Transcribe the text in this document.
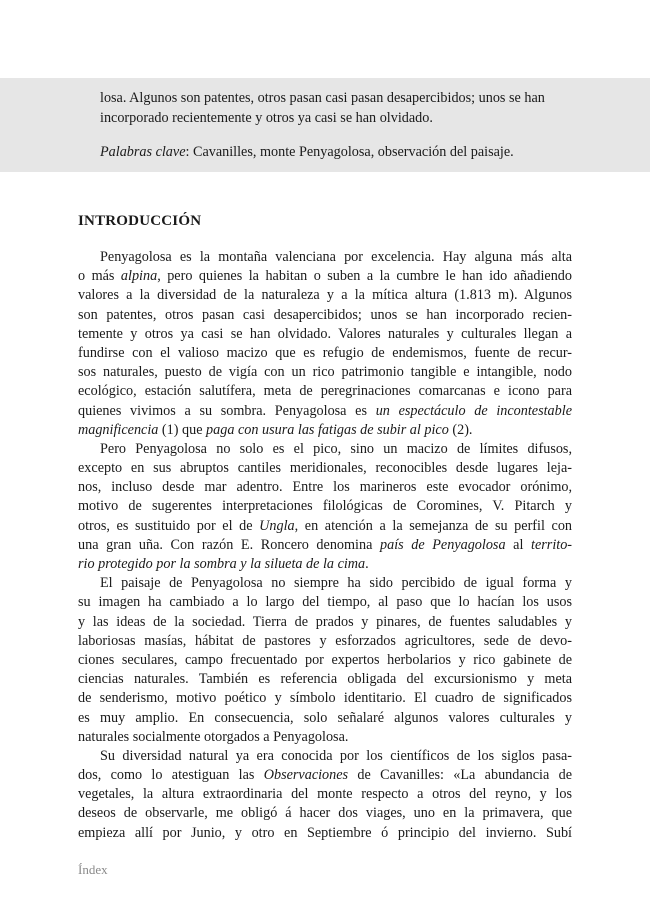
losa. Algunos son patentes, otros pasan casi pasan desapercibidos; unos se han

incorporado recientemente y otros ya casi se han olvidado.

Palabras clave: Cavanilles, monte Penyagolosa, observación del paisaje.

INTRODUCCIÓN

Penyagolosa es la montaña valenciana por excelencia. Hay alguna más alta

o más alpina, pero quienes la habitan o suben a la cumbre le han ido añadiendo

valores a la diversidad de la naturaleza y a la mítica altura (1.813 m). Algunos

son patentes, otros pasan casi desapercibidos; unos se han incorporado recien-

temente y otros ya casi se han olvidado. Valores naturales y culturales llegan a

fundirse con el valioso macizo que es refugio de endemismos, fuente de recur-

sos naturales, puesto de vigía con un rico patrimonio tangible e intangible, nodo

ecológico, estación salutífera, meta de peregrinaciones comarcanas e icono para

quienes vivimos a su sombra. Penyagolosa es un espectáculo de incontestable

magnificencia (1) que paga con usura las fatigas de subir al pico (2).

Pero Penyagolosa no solo es el pico, sino un macizo de límites difusos,

excepto en sus abruptos cantiles meridionales, reconocibles desde lugares leja-

nos, incluso desde mar adentro. Entre los marineros este evocador orónimo,

motivo de sugerentes interpretaciones filológicas de Coromines, V. Pitarch y

otros, es sustituido por el de Ungla, en atención a la semejanza de su perfil con

una gran uña. Con razón E. Roncero denomina país de Penyagolosa al territo-

rio protegido por la sombra y la silueta de la cima.

El paisaje de Penyagolosa no siempre ha sido percibido de igual forma y

su imagen ha cambiado a lo largo del tiempo, al paso que lo hacían los usos

y las ideas de la sociedad. Tierra de prados y pinares, de fuentes saludables y

laboriosas masías, hábitat de pastores y esforzados agricultores, sede de devo-

ciones seculares, campo frecuentado por expertos herbolarios y rico gabinete de

ciencias naturales. También es referencia obligada del excursionismo y meta

de senderismo, motivo poético y símbolo identitario. El cuadro de significados

es muy amplio. En consecuencia, solo señalaré algunos valores culturales y

naturales socialmente otorgados a Penyagolosa.

Su diversidad natural ya era conocida por los científicos de los siglos pasa-

dos, como lo atestiguan las Observaciones de Cavanilles: «La abundancia de

vegetales, la altura extraordinaria del monte respecto a otros del reyno, y los

deseos de observarle, me obligó á hacer dos viages, uno en la primavera, que

empieza allí por Junio, y otro en Septiembre ó principio del invierno. Subí

Índex
